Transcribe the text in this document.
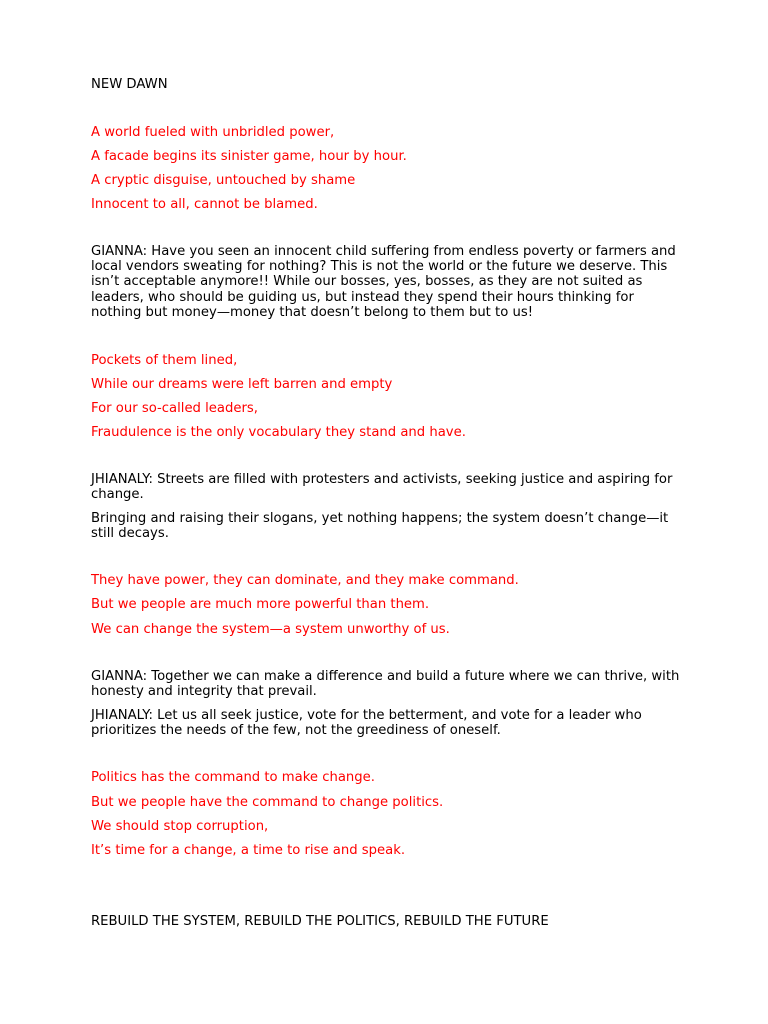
NEW DAWN
A world fueled with unbridled power,
A facade begins its sinister game, hour by hour.
A cryptic disguise, untouched by shame
Innocent to all, cannot be blamed.
GIANNA: Have you seen an innocent child suffering from endless poverty or farmers and local vendors sweating for nothing? This is not the world or the future we deserve. This isn’t acceptable anymore!! While our bosses, yes, bosses, as they are not suited as leaders, who should be guiding us, but instead they spend their hours thinking for nothing but money—money that doesn’t belong to them but to us!
Pockets of them lined,
While our dreams were left barren and empty
For our so-called leaders,
Fraudulence is the only vocabulary they stand and have.
JHIANALY: Streets are filled with protesters and activists, seeking justice and aspiring for change.
Bringing and raising their slogans, yet nothing happens; the system doesn’t change—it still decays.
They have power, they can dominate, and they make command.
But we people are much more powerful than them.
We can change the system—a system unworthy of us.
GIANNA: Together we can make a difference and build a future where we can thrive, with honesty and integrity that prevail.
JHIANALY: Let us all seek justice, vote for the betterment, and vote for a leader who prioritizes the needs of the few, not the greediness of oneself.
Politics has the command to make change.
But we people have the command to change politics.
We should stop corruption,
It’s time for a change, a time to rise and speak.
REBUILD THE SYSTEM, REBUILD THE POLITICS, REBUILD THE FUTURE
